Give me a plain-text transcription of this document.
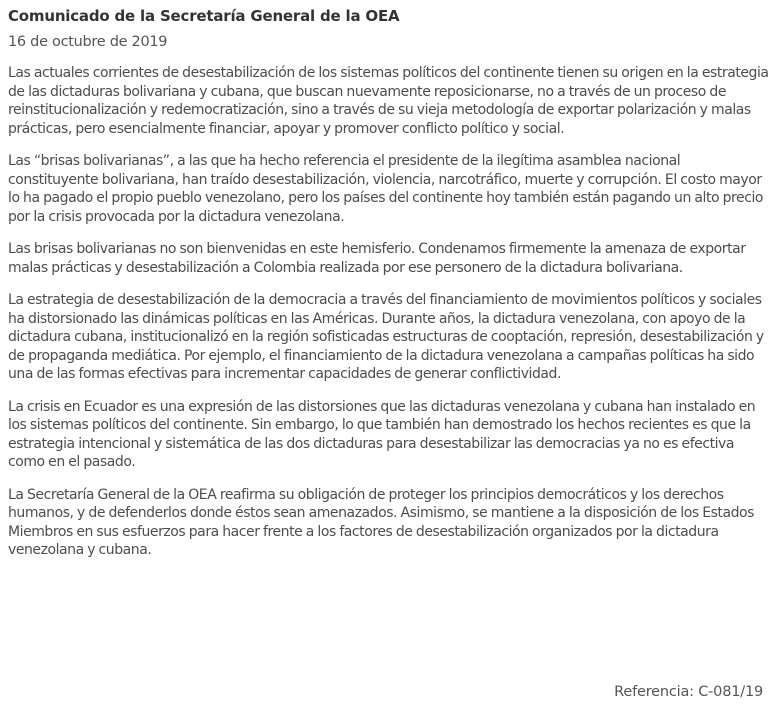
Comunicado de la Secretaría General de la OEA
16 de octubre de 2019

Las actuales corrientes de desestabilización de los sistemas políticos del continente tienen su origen en la estrategia de las dictaduras bolivariana y cubana, que buscan nuevamente reposicionarse, no a través de un proceso de reinstitucionalización y redemocratización, sino a través de su vieja metodología de exportar polarización y malas prácticas, pero esencialmente financiar, apoyar y promover conflicto político y social.

Las “brisas bolivarianas”, a las que ha hecho referencia el presidente de la ilegítima asamblea nacional constituyente bolivariana, han traído desestabilización, violencia, narcotráfico, muerte y corrupción. El costo mayor lo ha pagado el propio pueblo venezolano, pero los países del continente hoy también están pagando un alto precio por la crisis provocada por la dictadura venezolana.

Las brisas bolivarianas no son bienvenidas en este hemisferio. Condenamos firmemente la amenaza de exportar malas prácticas y desestabilización a Colombia realizada por ese personero de la dictadura bolivariana.

La estrategia de desestabilización de la democracia a través del financiamiento de movimientos políticos y sociales ha distorsionado las dinámicas políticas en las Américas. Durante años, la dictadura venezolana, con apoyo de la dictadura cubana, institucionalizó en la región sofisticadas estructuras de cooptación, represión, desestabilización y de propaganda mediática. Por ejemplo, el financiamiento de la dictadura venezolana a campañas políticas ha sido una de las formas efectivas para incrementar capacidades de generar conflictividad.

La crisis en Ecuador es una expresión de las distorsiones que las dictaduras venezolana y cubana han instalado en los sistemas políticos del continente. Sin embargo, lo que también han demostrado los hechos recientes es que la estrategia intencional y sistemática de las dos dictaduras para desestabilizar las democracias ya no es efectiva como en el pasado.

La Secretaría General de la OEA reafirma su obligación de proteger los principios democráticos y los derechos humanos, y de defenderlos donde éstos sean amenazados. Asimismo, se mantiene a la disposición de los Estados Miembros en sus esfuerzos para hacer frente a los factores de desestabilización organizados por la dictadura venezolana y cubana.

Referencia: C-081/19
